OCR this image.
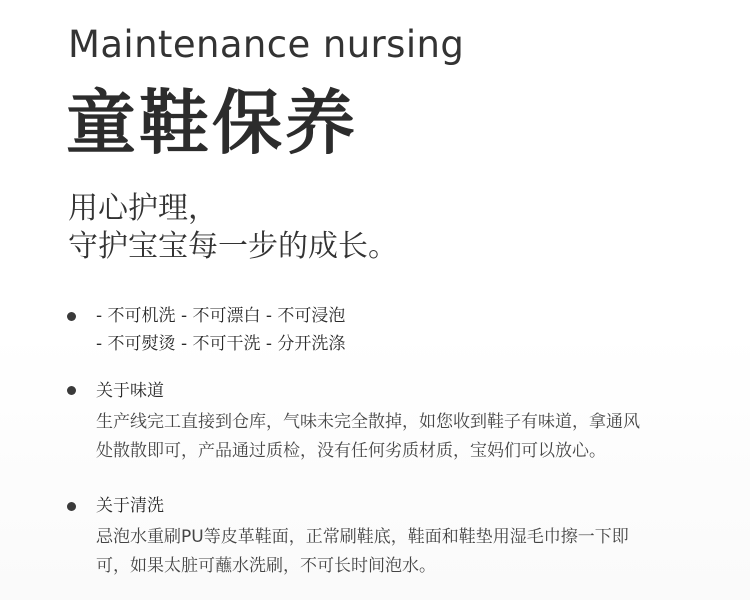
Maintenance nursing
童鞋保养
用心护理，
守护宝宝每一步的成长。
- 不可机洗 - 不可漂白 - 不可浸泡
- 不可熨烫 - 不可干洗 - 分开洗涤
关于味道
生产线完工直接到仓库，气味未完全散掉，如您收到鞋子有味道，拿通风
处散散即可，产品通过质检，没有任何劣质材质，宝妈们可以放心。
关于清洗
忌泡水重刷PU等皮革鞋面，正常刷鞋底，鞋面和鞋垫用湿毛巾擦一下即
可，如果太脏可蘸水洗刷，不可长时间泡水。
